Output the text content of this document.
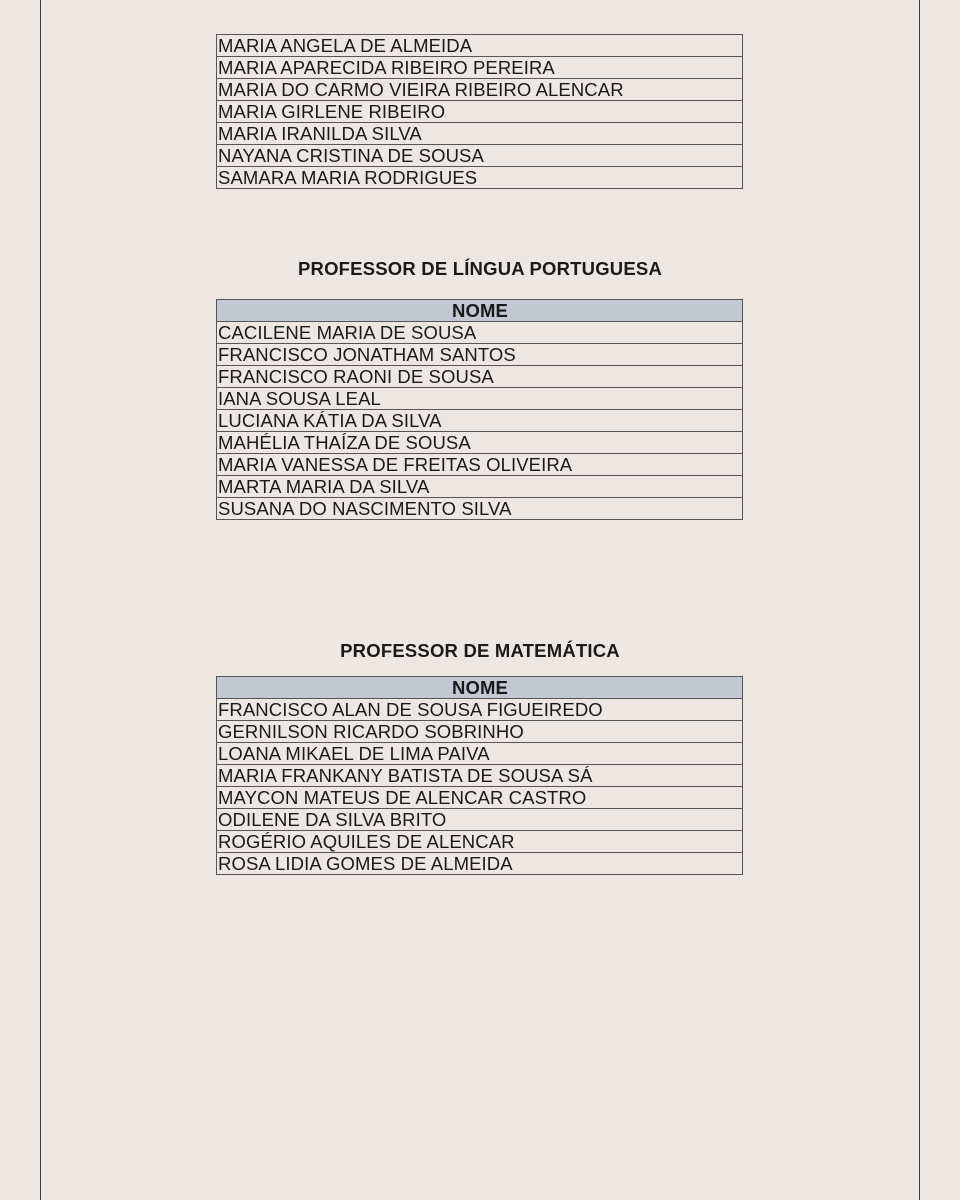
MARIA ANGELA DE ALMEIDA
MARIA APARECIDA RIBEIRO PEREIRA
MARIA DO CARMO VIEIRA RIBEIRO ALENCAR
MARIA GIRLENE RIBEIRO
MARIA IRANILDA SILVA
NAYANA CRISTINA DE SOUSA
SAMARA MARIA RODRIGUES
PROFESSOR DE LÍNGUA PORTUGUESA
NOME
CACILENE MARIA DE SOUSA
FRANCISCO JONATHAM SANTOS
FRANCISCO RAONI DE SOUSA
IANA SOUSA LEAL
LUCIANA KÁTIA DA SILVA
MAHÉLIA THAÍZA DE SOUSA
MARIA VANESSA DE FREITAS OLIVEIRA
MARTA MARIA DA SILVA
SUSANA DO NASCIMENTO SILVA
PROFESSOR DE MATEMÁTICA
NOME
FRANCISCO ALAN DE SOUSA FIGUEIREDO
GERNILSON RICARDO SOBRINHO
LOANA MIKAEL DE LIMA PAIVA
MARIA FRANKANY BATISTA DE SOUSA SÁ
MAYCON MATEUS DE ALENCAR CASTRO
ODILENE DA SILVA BRITO
ROGÉRIO AQUILES DE ALENCAR
ROSA LIDIA GOMES DE ALMEIDA
